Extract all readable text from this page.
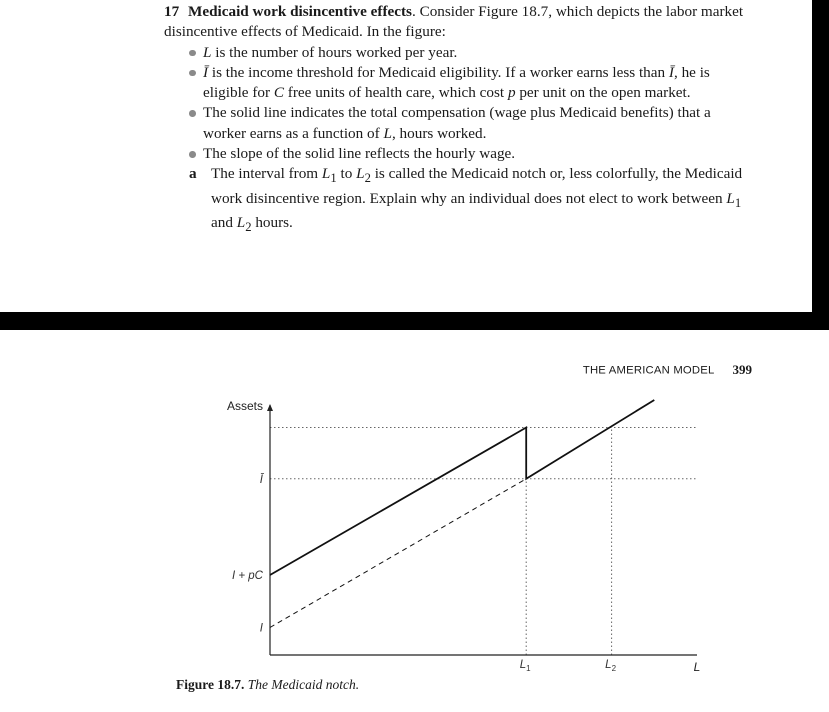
17 Medicaid work disincentive effects. Consider Figure 18.7, which depicts the labor market disincentive effects of Medicaid. In the figure:

L is the number of hours worked per year.
Ī is the income threshold for Medicaid eligibility. If a worker earns less than Ī, he is eligible for C free units of health care, which cost p per unit on the open market.
The solid line indicates the total compensation (wage plus Medicaid benefits) that a worker earns as a function of L, hours worked.
The slope of the solid line reflects the hourly wage.

a The interval from $L_1$ to $L_2$ is called the Medicaid notch or, less colorfully, the Medicaid work disincentive region. Explain why an individual does not elect to work between $L_1$ and $L_2$ hours.

THE AMERICAN MODEL 399
Assets
L
I
I + pC
Ī
$L_1$	$L_2$
Figure 18.7. The Medicaid notch.
